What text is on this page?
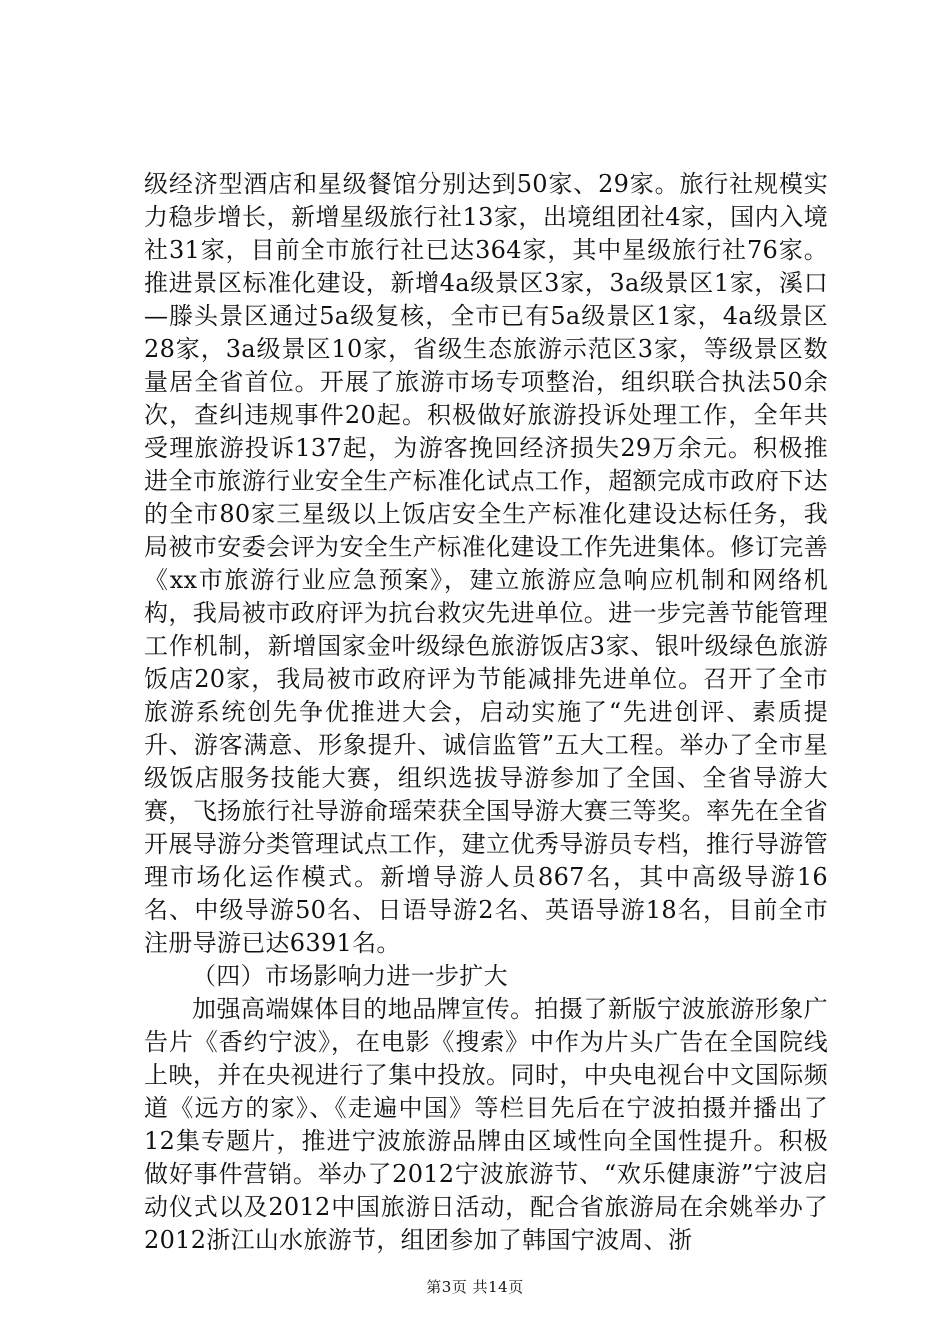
级经济型酒店和星级餐馆分别达到50家、29家。旅行社规模实力稳步增长，新增星级旅行社13家，出境组团社4家，国内入境社31家，目前全市旅行社已达364家，其中星级旅行社76家。推进景区标准化建设，新增4a级景区3家，3a级景区1家，溪口—滕头景区通过5a级复核，全市已有5a级景区1家，4a级景区28家，3a级景区10家，省级生态旅游示范区3家，等级景区数量居全省首位。开展了旅游市场专项整治，组织联合执法50余次，查纠违规事件20起。积极做好旅游投诉处理工作，全年共受理旅游投诉137起，为游客挽回经济损失29万余元。积极推进全市旅游行业安全生产标准化试点工作，超额完成市政府下达的全市80家三星级以上饭店安全生产标准化建设达标任务，我局被市安委会评为安全生产标准化建设工作先进集体。修订完善《xx市旅游行业应急预案》，建立旅游应急响应机制和网络机构，我局被市政府评为抗台救灾先进单位。进一步完善节能管理工作机制，新增国家金叶级绿色旅游饭店3家、银叶级绿色旅游饭店20家，我局被市政府评为节能减排先进单位。召开了全市旅游系统创先争优推进大会，启动实施了“先进创评、素质提升、游客满意、形象提升、诚信监管”五大工程。举办了全市星级饭店服务技能大赛，组织选拔导游参加了全国、全省导游大赛，飞扬旅行社导游俞瑶荣获全国导游大赛三等奖。率先在全省开展导游分类管理试点工作，建立优秀导游员专档，推行导游管理市场化运作模式。新增导游人员867名，其中高级导游16名、中级导游50名、日语导游2名、英语导游18名，目前全市注册导游已达6391名。

（四）市场影响力进一步扩大

加强高端媒体目的地品牌宣传。拍摄了新版宁波旅游形象广告片《香约宁波》，在电影《搜索》中作为片头广告在全国院线上映，并在央视进行了集中投放。同时，中央电视台中文国际频道《远方的家》、《走遍中国》等栏目先后在宁波拍摄并播出了12集专题片，推进宁波旅游品牌由区域性向全国性提升。积极做好事件营销。举办了2012宁波旅游节、“欢乐健康游”宁波启动仪式以及2012中国旅游日活动，配合省旅游局在余姚举办了2012浙江山水旅游节，组团参加了韩国宁波周、浙

第3页 共14页
